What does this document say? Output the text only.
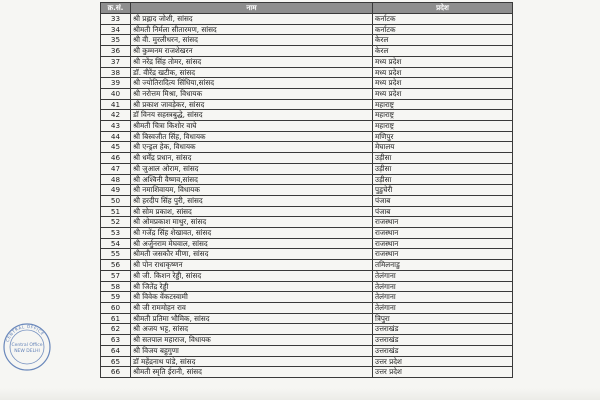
क्र.सं.	नाम	प्रदेश
33	श्री प्रह्लाद जोशी, सांसद	कर्नाटक
34	श्रीमती निर्मला सीतारमण, सांसद	कर्नाटक
35	श्री वी. मुरलीधरन, सांसद	केरल
36	श्री कुम्मनम राजशेखरन	केरल
37	श्री नरेंद्र सिंह तोमर, सांसद	मध्य प्रदेश
38	डॉ. वीरेंद्र खटीक, सांसद	मध्य प्रदेश
39	श्री ज्योतिरादित्य सिंधिया,सांसद	मध्य प्रदेश
40	श्री नरोत्तम मिश्रा, विधायक	मध्य प्रदेश
41	श्री प्रकाश जावड़ेकर, सांसद	महाराष्ट्र
42	डॉ विनय सहस्त्रबुद्धे, सांसद	महाराष्ट्र
43	श्रीमती चित्रा किशोर वाघे	महाराष्ट्र
44	श्री बिस्वजीत सिंह, विधायक	मणिपुर
45	श्री एन्ड्रल हेक, विधायक	मेघालय
46	श्री धर्मेंद्र प्रधान, सांसद	उड़ीसा
47	श्री जुआल ओराम, सांसद	उड़ीसा
48	श्री अश्विनी वैष्णव,सांसद	उड़ीसा
49	श्री नमाशिवायम, विधायक	पुडुचेरी
50	श्री हरदीप सिंह पुरी, सांसद	पंजाब
51	श्री सोम प्रकाश, सांसद	पंजाब
52	श्री ओमप्रकाश माथुर, सांसद	राजस्थान
53	श्री गजेंद्र सिंह शेखावत, सांसद	राजस्थान
54	श्री अर्जुनराम मेघवाल, सांसद	राजस्थान
55	श्रीमती जसकौर मीणा, सांसद	राजस्थान
56	श्री पोन राधाकृष्णन	तमिलनाडु
57	श्री जी. किशन रेड्डी, सांसद	तेलंगाना
58	श्री जितेंद्र रेड्डी	तेलंगाना
59	श्री विवेक वेंकटस्वामी	तेलंगाना
60	श्री जी राममोहन राव	तेलंगाना
61	श्रीमती प्रतिमा भौमिक, सांसद	त्रिपुरा
62	श्री अजय भट्ट, सांसद	उत्तराखंड
63	श्री सतपाल महाराज, विधायक	उत्तराखंड
64	श्री विजय बहुगुणा	उत्तराखंड
65	डॉ महेंद्रनाथ पांडे, सांसद	उत्तर प्रदेश
66	श्रीमती स्मृति ईरानी, सांसद	उत्तर प्रदेश
CENTRAL OFFICE
Central Office
NEW DELHI
